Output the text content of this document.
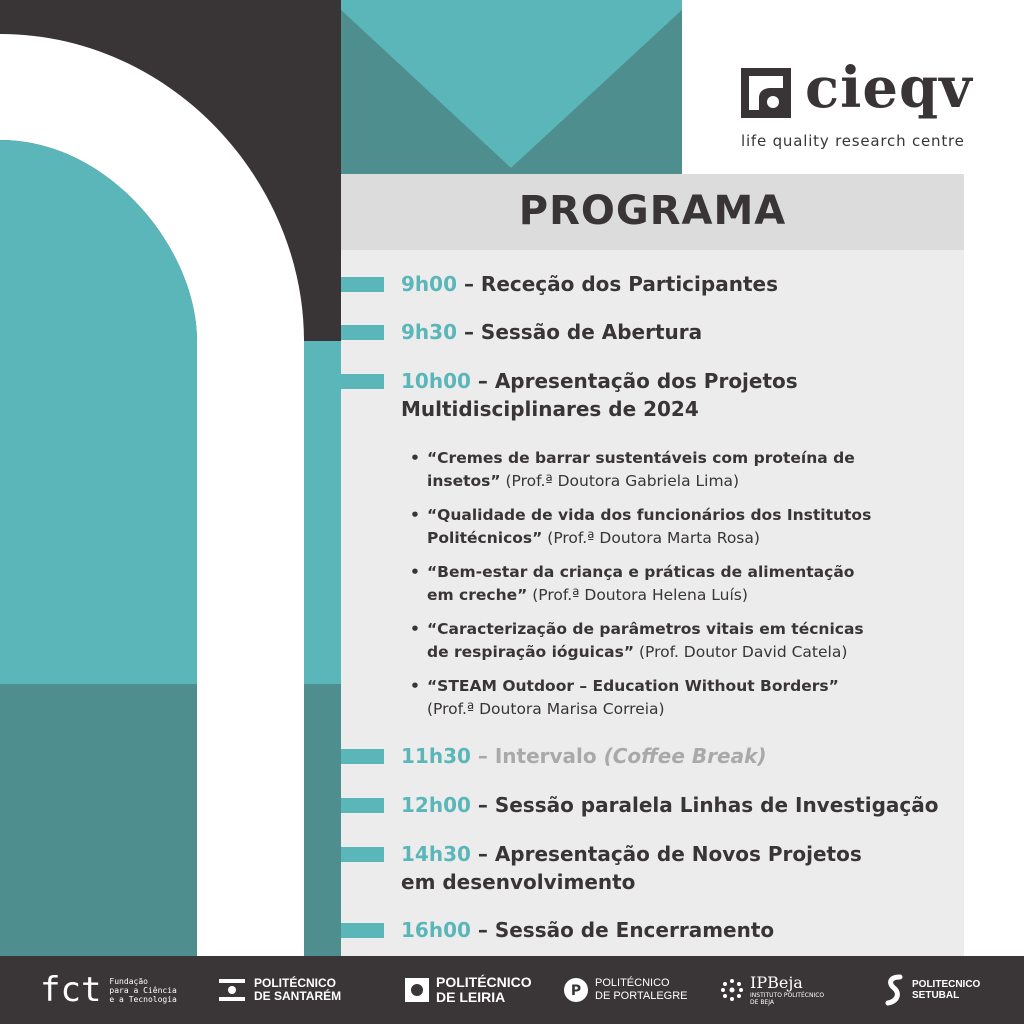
cieqv
life quality research centre
PROGRAMA
9h00 – Receção dos Participantes
9h30 – Sessão de Abertura
10h00 – Apresentação dos Projetos Multidisciplinares de 2024
• “Cremes de barrar sustentáveis com proteína de insetos” (Prof.ª Doutora Gabriela Lima)
• “Qualidade de vida dos funcionários dos Institutos Politécnicos” (Prof.ª Doutora Marta Rosa)
• “Bem-estar da criança e práticas de alimentação em creche” (Prof.ª Doutora Helena Luís)
• “Caracterização de parâmetros vitais em técnicas de respiração ióguicas” (Prof. Doutor David Catela)
• “STEAM Outdoor – Education Without Borders” (Prof.ª Doutora Marisa Correia)
11h30 – Intervalo (Coffee Break)
12h00 – Sessão paralela Linhas de Investigação
14h30 – Apresentação de Novos Projetos em desenvolvimento
16h00 – Sessão de Encerramento
fct Fundação
para a Ciência
e a Tecnologia
POLITÉCNICO
DE SANTARÉM
POLITÉCNICO
DE LEIRIA	P POLITÉCNICO
DE PORTALEGRE
IPBeja
INSTITUTO POLITÉCNICO
DE BEJA
POLITECNICO
SETUBAL
